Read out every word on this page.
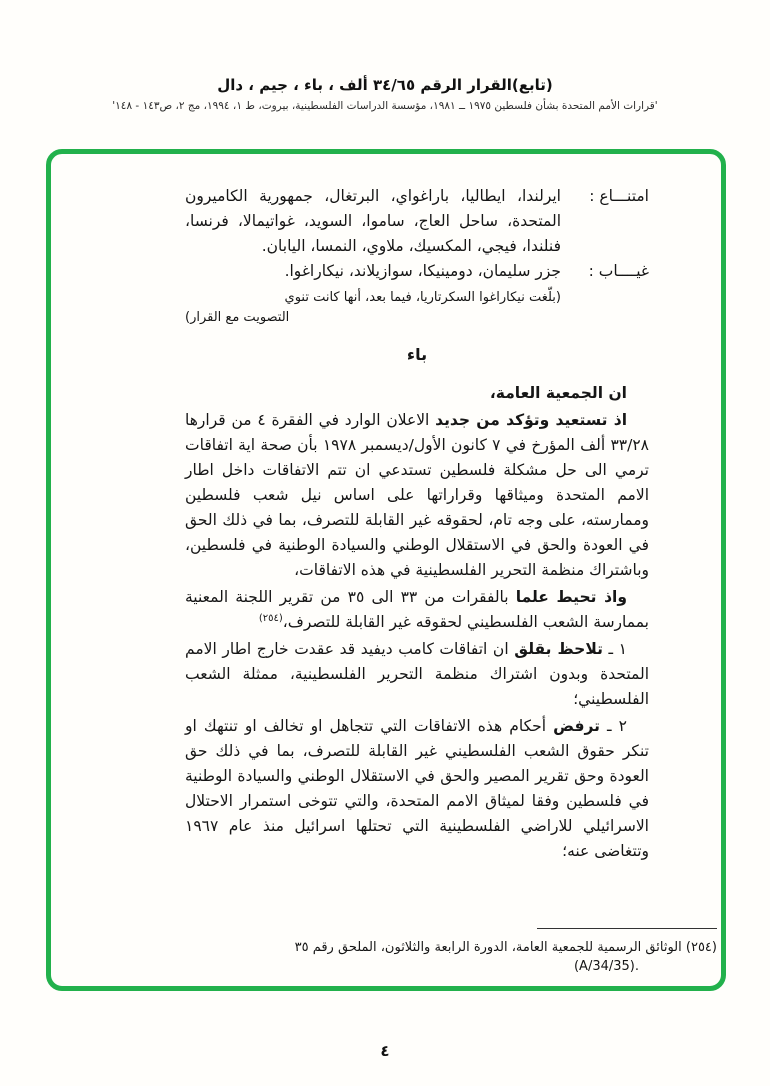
(تابع)القرار الرقم ٣٤/٦٥ ألف ، باء ، جيم ، دال
'قرارات الأمم المتحدة بشأن فلسطين ١٩٧٥ ــ ١٩٨١، مؤسسة الدراسات الفلسطينية، بيروت، ط ١، ١٩٩٤، مج ٢، ص١٤٣ - ١٤٨'

امتنـــاع :ايرلندا، ايطاليا، باراغواي، البرتغال، جمهورية الكاميرون المتحدة، ساحل العاج، ساموا، السويد، غواتيمالا، فرنسا، فنلندا، فيجي، المكسيك، ملاوي، النمسا، اليابان.

غيــــاب :جزر سليمان، دومينيكا، سوازيلاند، نيكاراغوا.

(بلّغت نيكاراغوا السكرتاريا، فيما بعد، أنها كانت تنوي
التصويت مع القرار)
باء

ان الجمعية العامة،

اذ تستعيد وتؤكد من جديد الاعلان الوارد في الفقرة ٤ من قرارها ٣٣/٢٨ ألف المؤرخ في ٧ كانون الأول/ديسمبر ١٩٧٨ بأن صحة اية اتفاقات ترمي الى حل مشكلة فلسطين تستدعي ان تتم الاتفاقات داخل اطار الامم المتحدة وميثاقها وقراراتها على اساس نيل شعب فلسطين وممارسته، على وجه تام، لحقوقه غير القابلة للتصرف، بما في ذلك الحق في العودة والحق في الاستقلال الوطني والسيادة الوطنية في فلسطين، وباشتراك منظمة التحرير الفلسطينية في هذه الاتفاقات،

واذ تحيط علما بالفقرات من ٣٣ الى ٣٥ من تقرير اللجنة المعنية بممارسة الشعب الفلسطيني لحقوقه غير القابلة للتصرف،$^{(٢٥٤)}$

١ ـ تلاحظ بقلق ان اتفاقات كامب ديفيد قد عقدت خارج اطار الامم المتحدة وبدون اشتراك منظمة التحرير الفلسطينية، ممثلة الشعب الفلسطيني؛

٢ ـ ترفض أحكام هذه الاتفاقات التي تتجاهل او تخالف او تنتهك او تنكر حقوق الشعب الفلسطيني غير القابلة للتصرف، بما في ذلك حق العودة وحق تقرير المصير والحق في الاستقلال الوطني والسيادة الوطنية في فلسطين وفقا لميثاق الامم المتحدة، والتي تتوخى استمرار الاحتلال الاسرائيلي للاراضي الفلسطينية التي تحتلها اسرائيل منذ عام ١٩٦٧ وتتغاضى عنه؛

(٢٥٤) الوثائق الرسمية للجمعية العامة، الدورة الرابعة والثلاثون، الملحق رقم ٣٥
(A/34/35).
٤
